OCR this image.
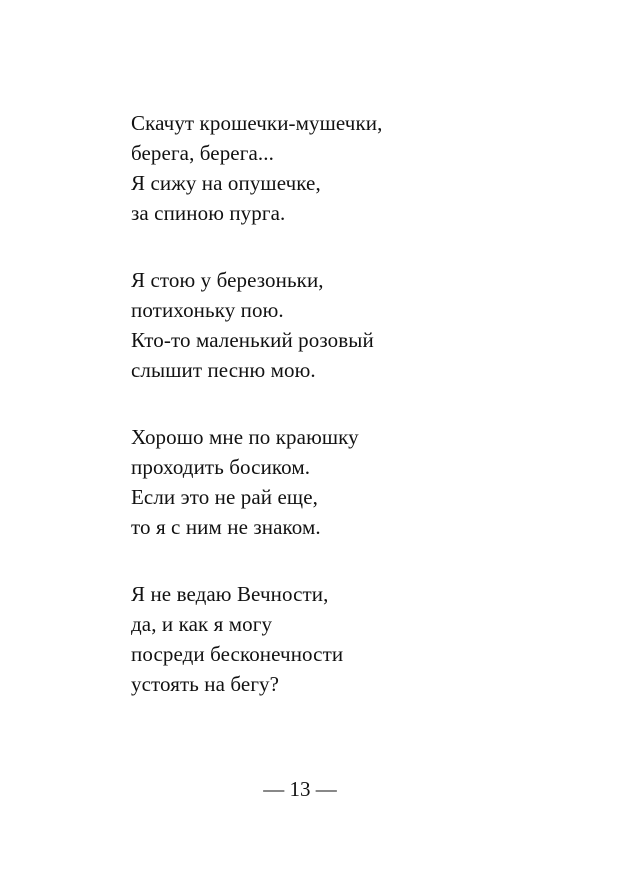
Скачут крошечки-мушечки,
берега, берега...
Я сижу на опушечке,
за спиною пурга.
Я стою у березоньки,
потихоньку пою.
Кто-то маленький розовый
слышит песню мою.
Хорошо мне по краюшку
проходить босиком.
Если это не рай еще,
то я с ним не знаком.
Я не ведаю Вечности,
да, и как я могу
посреди бесконечности
устоять на бегу?
— 13 —
